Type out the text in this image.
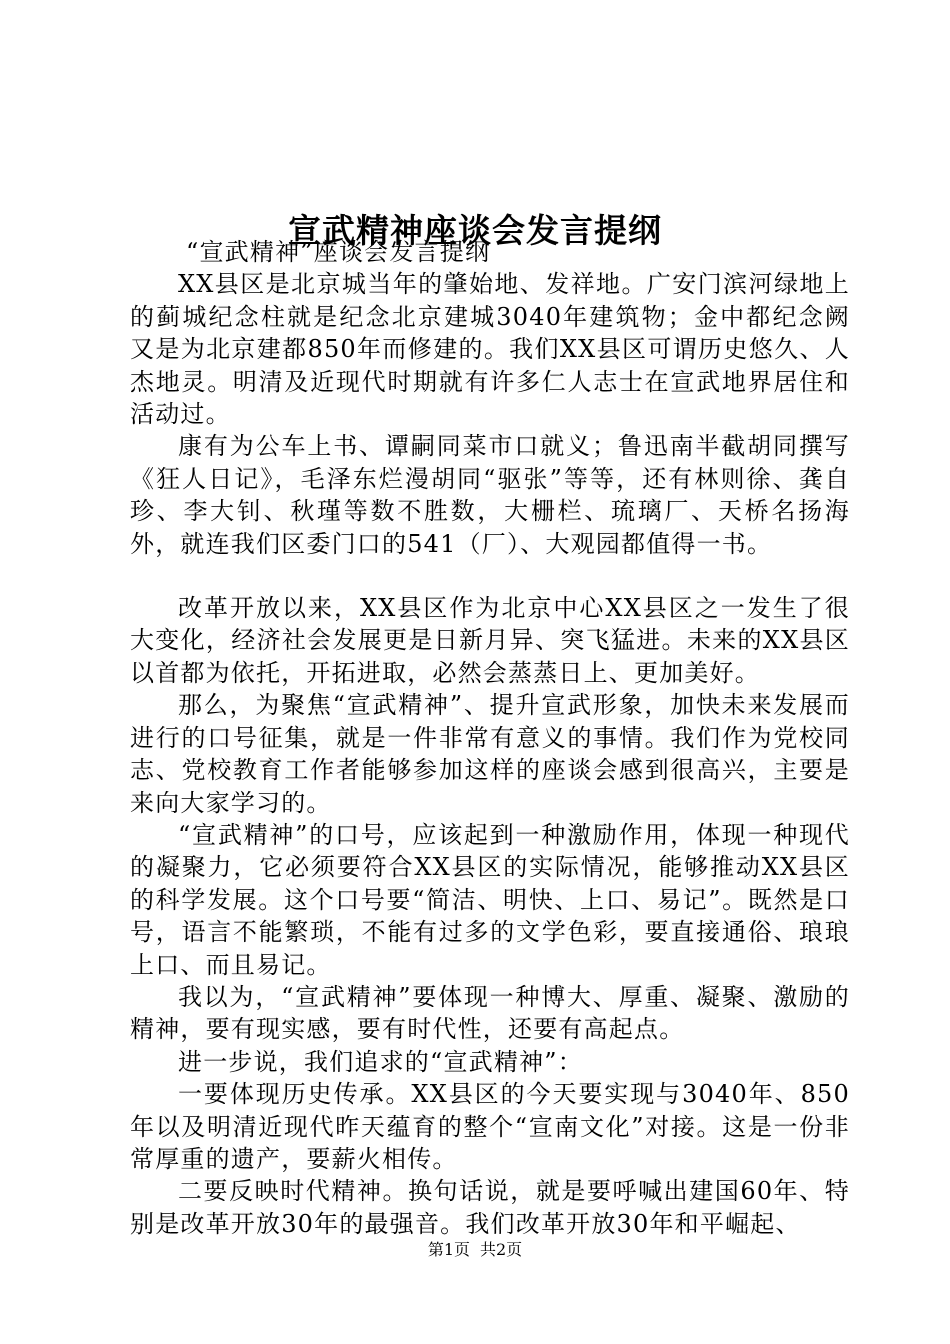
宣武精神座谈会发言提纲

“宣武精神”座谈会发言提纲

XX县区是北京城当年的肇始地、发祥地。广安门滨河绿地上的蓟城纪念柱就是纪念北京建城3040年建筑物；金中都纪念阙又是为北京建都850年而修建的。我们XX县区可谓历史悠久、人杰地灵。明清及近现代时期就有许多仁人志士在宣武地界居住和活动过。

康有为公车上书、谭嗣同菜市口就义；鲁迅南半截胡同撰写《狂人日记》，毛泽东烂漫胡同“驱张”等等，还有林则徐、龚自珍、李大钊、秋瑾等数不胜数，大栅栏、琉璃厂、天桥名扬海外，就连我们区委门口的541（厂）、大观园都值得一书。

改革开放以来，XX县区作为北京中心XX县区之一发生了很大变化，经济社会发展更是日新月异、突飞猛进。未来的XX县区以首都为依托，开拓进取，必然会蒸蒸日上、更加美好。

那么，为聚焦“宣武精神”、提升宣武形象，加快未来发展而进行的口号征集，就是一件非常有意义的事情。我们作为党校同志、党校教育工作者能够参加这样的座谈会感到很高兴，主要是来向大家学习的。

“宣武精神”的口号，应该起到一种激励作用，体现一种现代的凝聚力，它必须要符合XX县区的实际情况，能够推动XX县区的科学发展。这个口号要“简洁、明快、上口、易记”。既然是口号，语言不能繁琐，不能有过多的文学色彩，要直接通俗、琅琅上口、而且易记。

我以为，“宣武精神”要体现一种博大、厚重、凝聚、激励的精神，要有现实感，要有时代性，还要有高起点。

进一步说，我们追求的“宣武精神”：

一要体现历史传承。XX县区的今天要实现与3040年、850年以及明清近现代昨天蕴育的整个“宣南文化”对接。这是一份非常厚重的遗产，要薪火相传。

二要反映时代精神。换句话说，就是要呼喊出建国60年、特别是改革开放30年的最强音。我们改革开放30年和平崛起、

第1页 共2页
